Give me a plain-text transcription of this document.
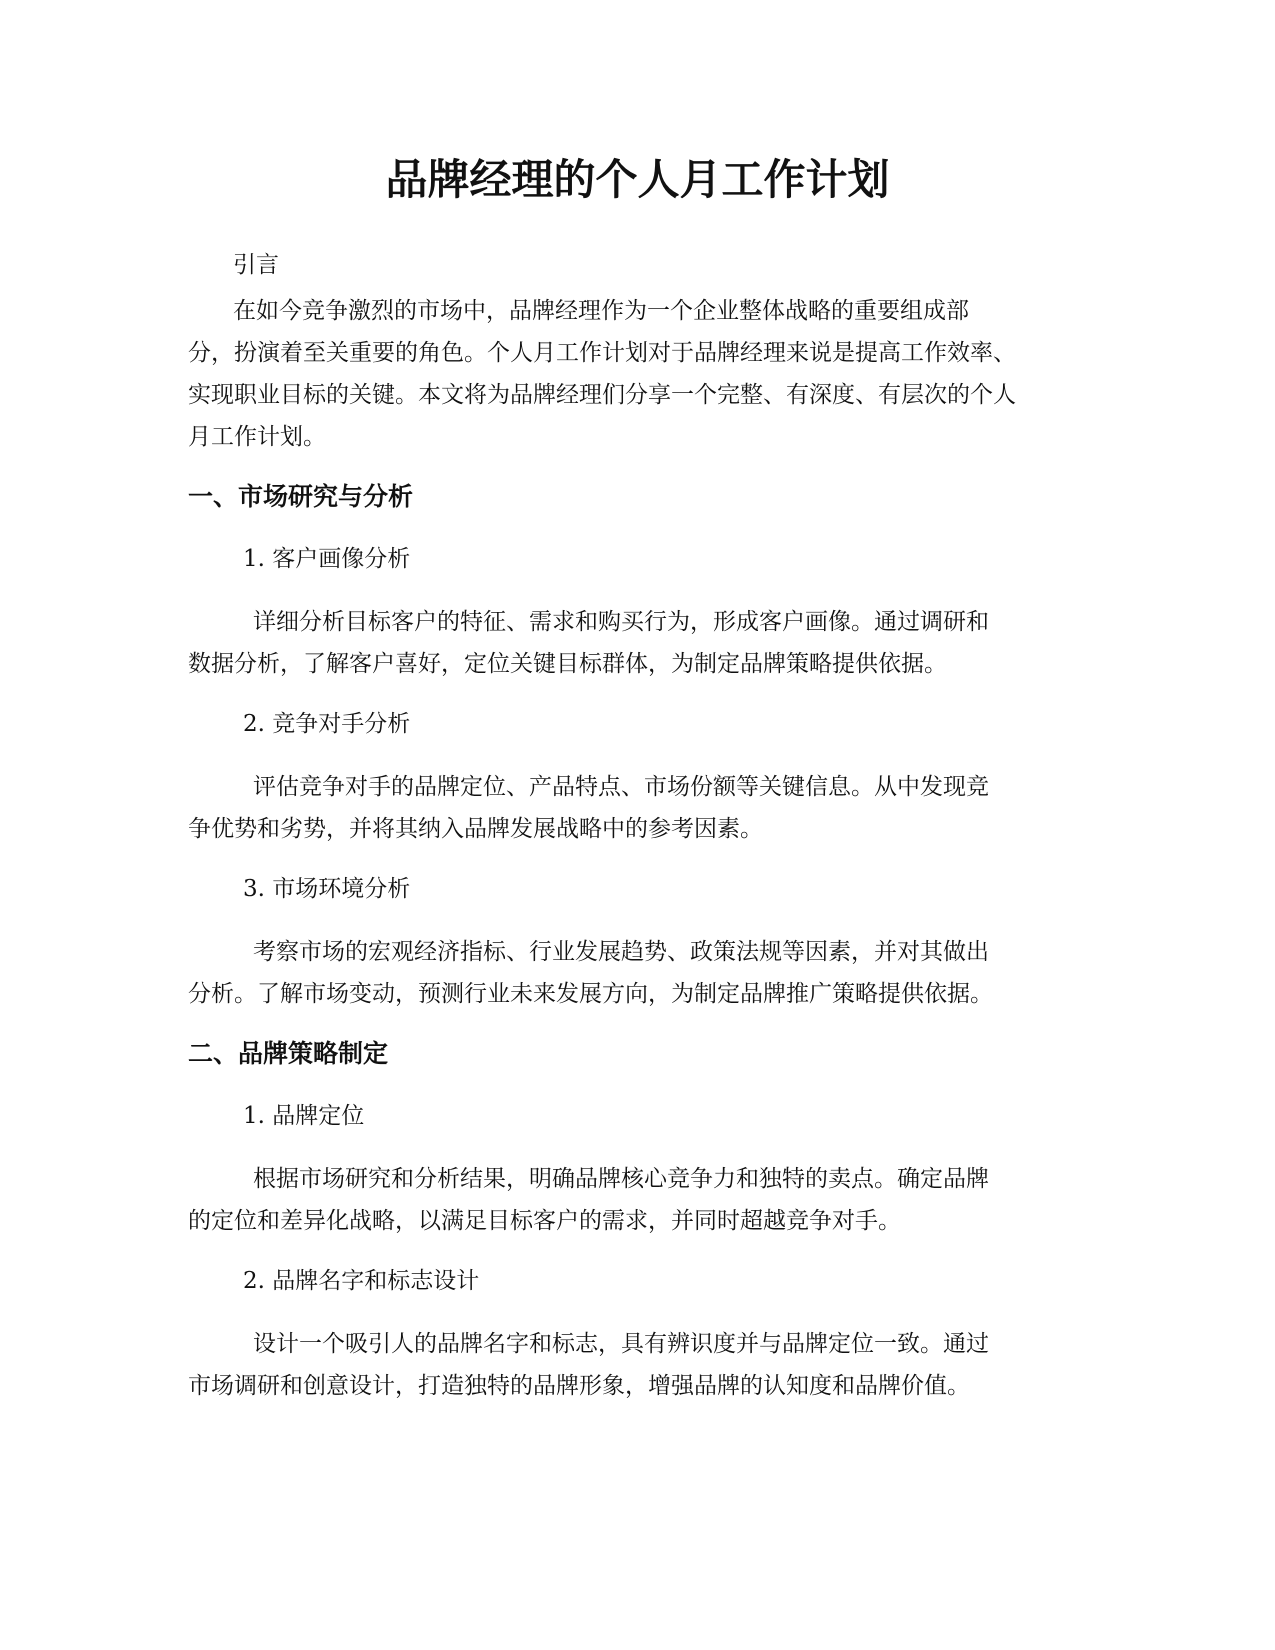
品牌经理的个人月工作计划
引言
在如今竞争激烈的市场中，品牌经理作为一个企业整体战略的重要组成部
分，扮演着至关重要的角色。个人月工作计划对于品牌经理来说是提高工作效率、
实现职业目标的关键。本文将为品牌经理们分享一个完整、有深度、有层次的个人
月工作计划。
一、市场研究与分析
1. 客户画像分析
详细分析目标客户的特征、需求和购买行为，形成客户画像。通过调研和
数据分析，了解客户喜好，定位关键目标群体，为制定品牌策略提供依据。
2. 竞争对手分析
评估竞争对手的品牌定位、产品特点、市场份额等关键信息。从中发现竞
争优势和劣势，并将其纳入品牌发展战略中的参考因素。
3. 市场环境分析
考察市场的宏观经济指标、行业发展趋势、政策法规等因素，并对其做出
分析。了解市场变动，预测行业未来发展方向，为制定品牌推广策略提供依据。
二、品牌策略制定
1. 品牌定位
根据市场研究和分析结果，明确品牌核心竞争力和独特的卖点。确定品牌
的定位和差异化战略，以满足目标客户的需求，并同时超越竞争对手。
2. 品牌名字和标志设计
设计一个吸引人的品牌名字和标志，具有辨识度并与品牌定位一致。通过
市场调研和创意设计，打造独特的品牌形象，增强品牌的认知度和品牌价值。
